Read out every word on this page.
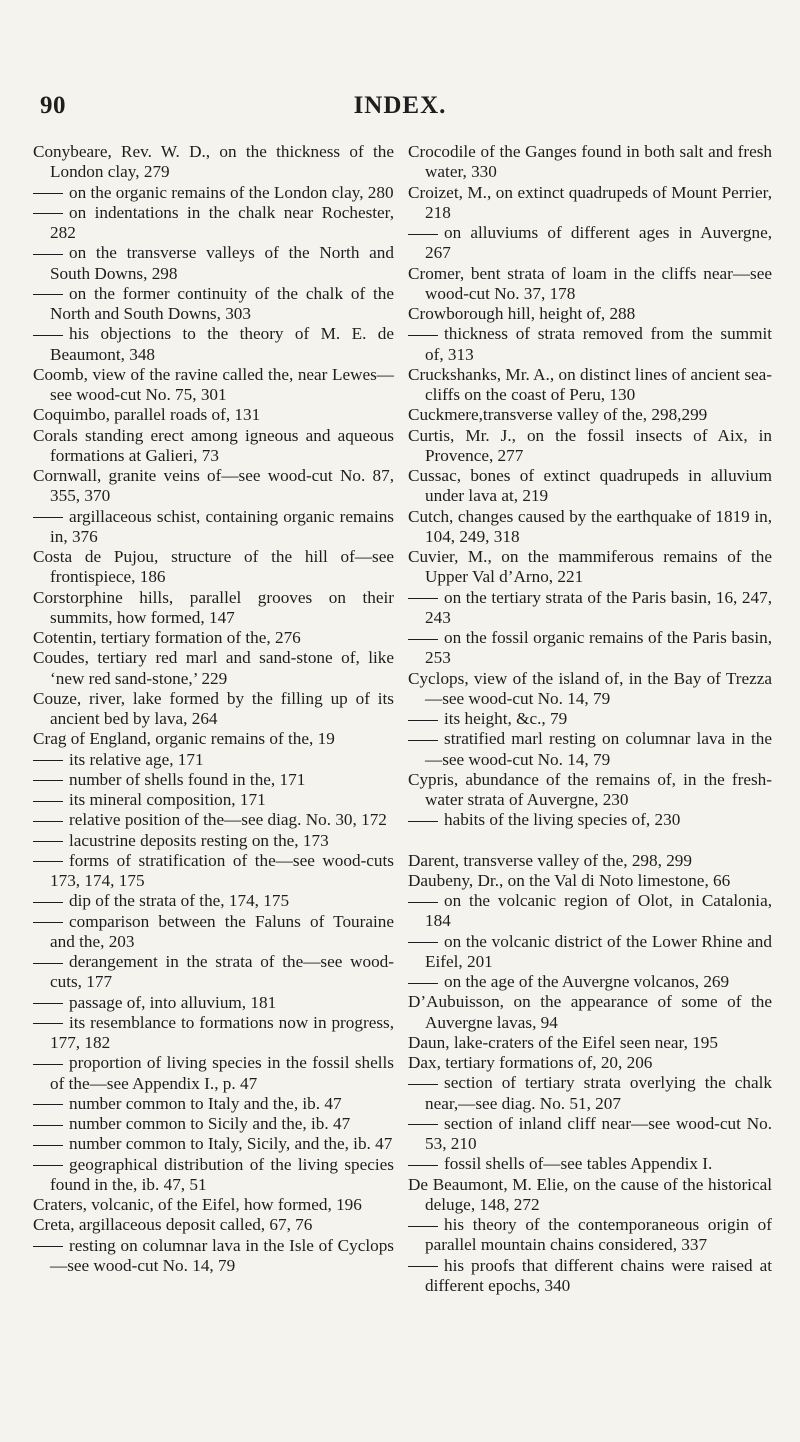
90	INDEX.

Conybeare, Rev. W. D., on the thickness of the London clay, 279

on the organic remains of the London clay, 280

on indentations in the chalk near Rochester, 282

on the transverse valleys of the North and South Downs, 298

on the former continuity of the chalk of the North and South Downs, 303

his objections to the theory of M. E. de Beaumont, 348

Coomb, view of the ravine called the, near Lewes—see wood-cut No. 75, 301

Coquimbo, parallel roads of, 131

Corals standing erect among igneous and aqueous formations at Galieri, 73

Cornwall, granite veins of—see wood-cut No. 87, 355, 370

argillaceous schist, containing organic remains in, 376

Costa de Pujou, structure of the hill of—see frontispiece, 186

Corstorphine hills, parallel grooves on their summits, how formed, 147

Cotentin, tertiary formation of the, 276

Coudes, tertiary red marl and sand-stone of, like ‘new red sand-stone,’ 229

Couze, river, lake formed by the filling up of its ancient bed by lava, 264

Crag of England, organic remains of the, 19

its relative age, 171

number of shells found in the, 171

its mineral composition, 171

relative position of the—see diag. No. 30, 172

lacustrine deposits resting on the, 173

forms of stratification of the—see wood-cuts 173, 174, 175

dip of the strata of the, 174, 175

comparison between the Faluns of Touraine and the, 203

derangement in the strata of the—see wood-cuts, 177

passage of, into alluvium, 181

its resemblance to formations now in progress, 177, 182

proportion of living species in the fossil shells of the—see Appendix I., p. 47

number common to Italy and the, ib. 47

number common to Sicily and the, ib. 47

number common to Italy, Sicily, and the, ib. 47

geographical distribution of the living species found in the, ib. 47, 51

Craters, volcanic, of the Eifel, how formed, 196

Creta, argillaceous deposit called, 67, 76

resting on columnar lava in the Isle of Cyclops—see wood-cut No. 14, 79

Crocodile of the Ganges found in both salt and fresh water, 330

Croizet, M., on extinct quadrupeds of Mount Perrier, 218

on alluviums of different ages in Auvergne, 267

Cromer, bent strata of loam in the cliffs near—see wood-cut No. 37, 178

Crowborough hill, height of, 288

thickness of strata removed from the summit of, 313

Cruckshanks, Mr. A., on distinct lines of ancient sea-cliffs on the coast of Peru, 130

Cuckmere,transverse valley of the, 298,299

Curtis, Mr. J., on the fossil insects of Aix, in Provence, 277

Cussac, bones of extinct quadrupeds in alluvium under lava at, 219

Cutch, changes caused by the earthquake of 1819 in, 104, 249, 318

Cuvier, M., on the mammiferous remains of the Upper Val d’Arno, 221

on the tertiary strata of the Paris basin, 16, 247, 243

on the fossil organic remains of the Paris basin, 253

Cyclops, view of the island of, in the Bay of Trezza—see wood-cut No. 14, 79

its height, &c., 79

stratified marl resting on columnar lava in the—see wood-cut No. 14, 79

Cypris, abundance of the remains of, in the fresh-water strata of Auvergne, 230

habits of the living species of, 230

Darent, transverse valley of the, 298, 299

Daubeny, Dr., on the Val di Noto limestone, 66

on the volcanic region of Olot, in Catalonia, 184

on the volcanic district of the Lower Rhine and Eifel, 201

on the age of the Auvergne volcanos, 269

D’Aubuisson, on the appearance of some of the Auvergne lavas, 94

Daun, lake-craters of the Eifel seen near, 195

Dax, tertiary formations of, 20, 206

section of tertiary strata overlying the chalk near,—see diag. No. 51, 207

section of inland cliff near—see wood-cut No. 53, 210

fossil shells of—see tables Appendix I.

De Beaumont, M. Elie, on the cause of the historical deluge, 148, 272

his theory of the contemporaneous origin of parallel mountain chains considered, 337

his proofs that different chains were raised at different epochs, 340
